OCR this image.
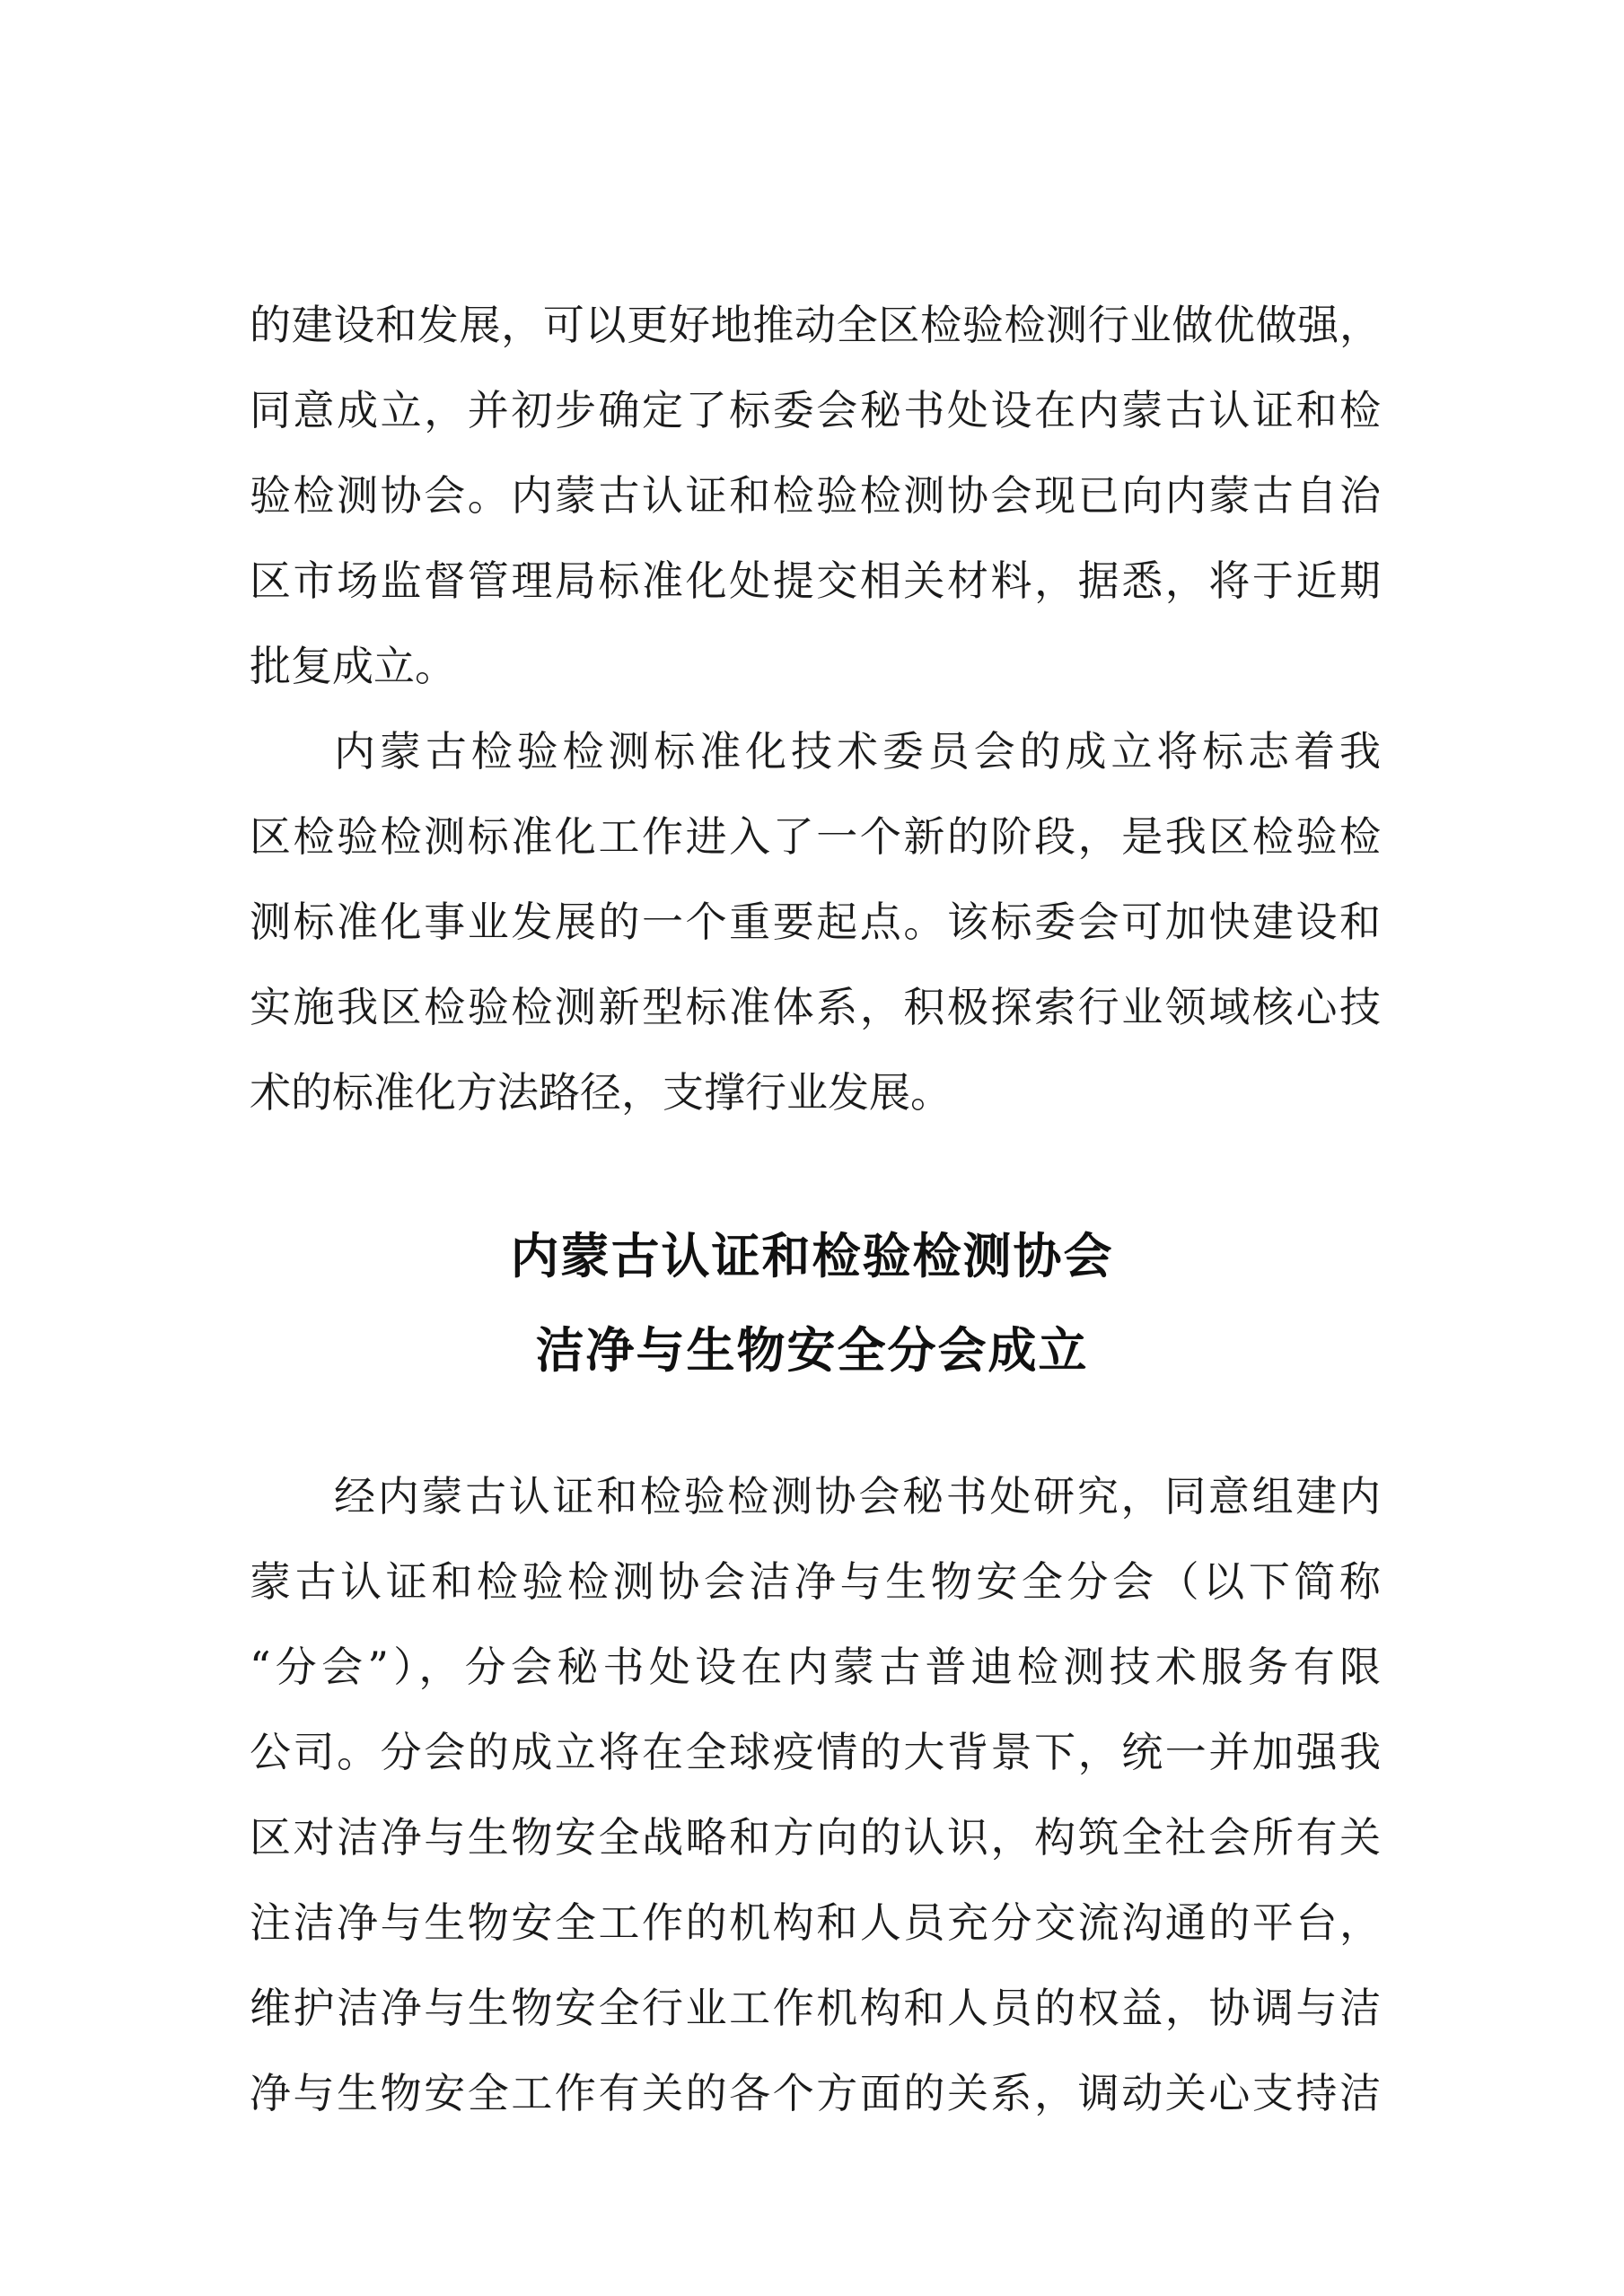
的建设和发展，可以更好地推动全区检验检测行业做优做强，
同意成立，并初步确定了标委会秘书处设在内蒙古认证和检
验检测协会。内蒙古认证和检验检测协会现已向内蒙古自治
区市场监督管理局标准化处提交相关材料，据悉，将于近期
批复成立。
内蒙古检验检测标准化技术委员会的成立将标志着我
区检验检测标准化工作进入了一个新的阶段，是我区检验检
测标准化事业发展的一个重要起点。该标委会可加快建设和
实施我区检验检测新型标准体系，积极探索行业领域核心技
术的标准化方法路径，支撑行业发展。
内蒙古认证和检验检测协会
洁净与生物安全分会成立
经内蒙古认证和检验检测协会秘书处研究，同意组建内
蒙古认证和检验检测协会洁净与生物安全分会（以下简称
“分会”），分会秘书处设在内蒙古普迪检测技术服务有限
公司。分会的成立将在全球疫情的大背景下，统一并加强我
区对洁净与生物安全战略和方向的认识，构筑全社会所有关
注洁净与生物安全工作的机构和人员充分交流沟通的平台，
维护洁净与生物安全行业工作机构和人员的权益，协调与洁
净与生物安全工作有关的各个方面的关系，调动关心支持洁
